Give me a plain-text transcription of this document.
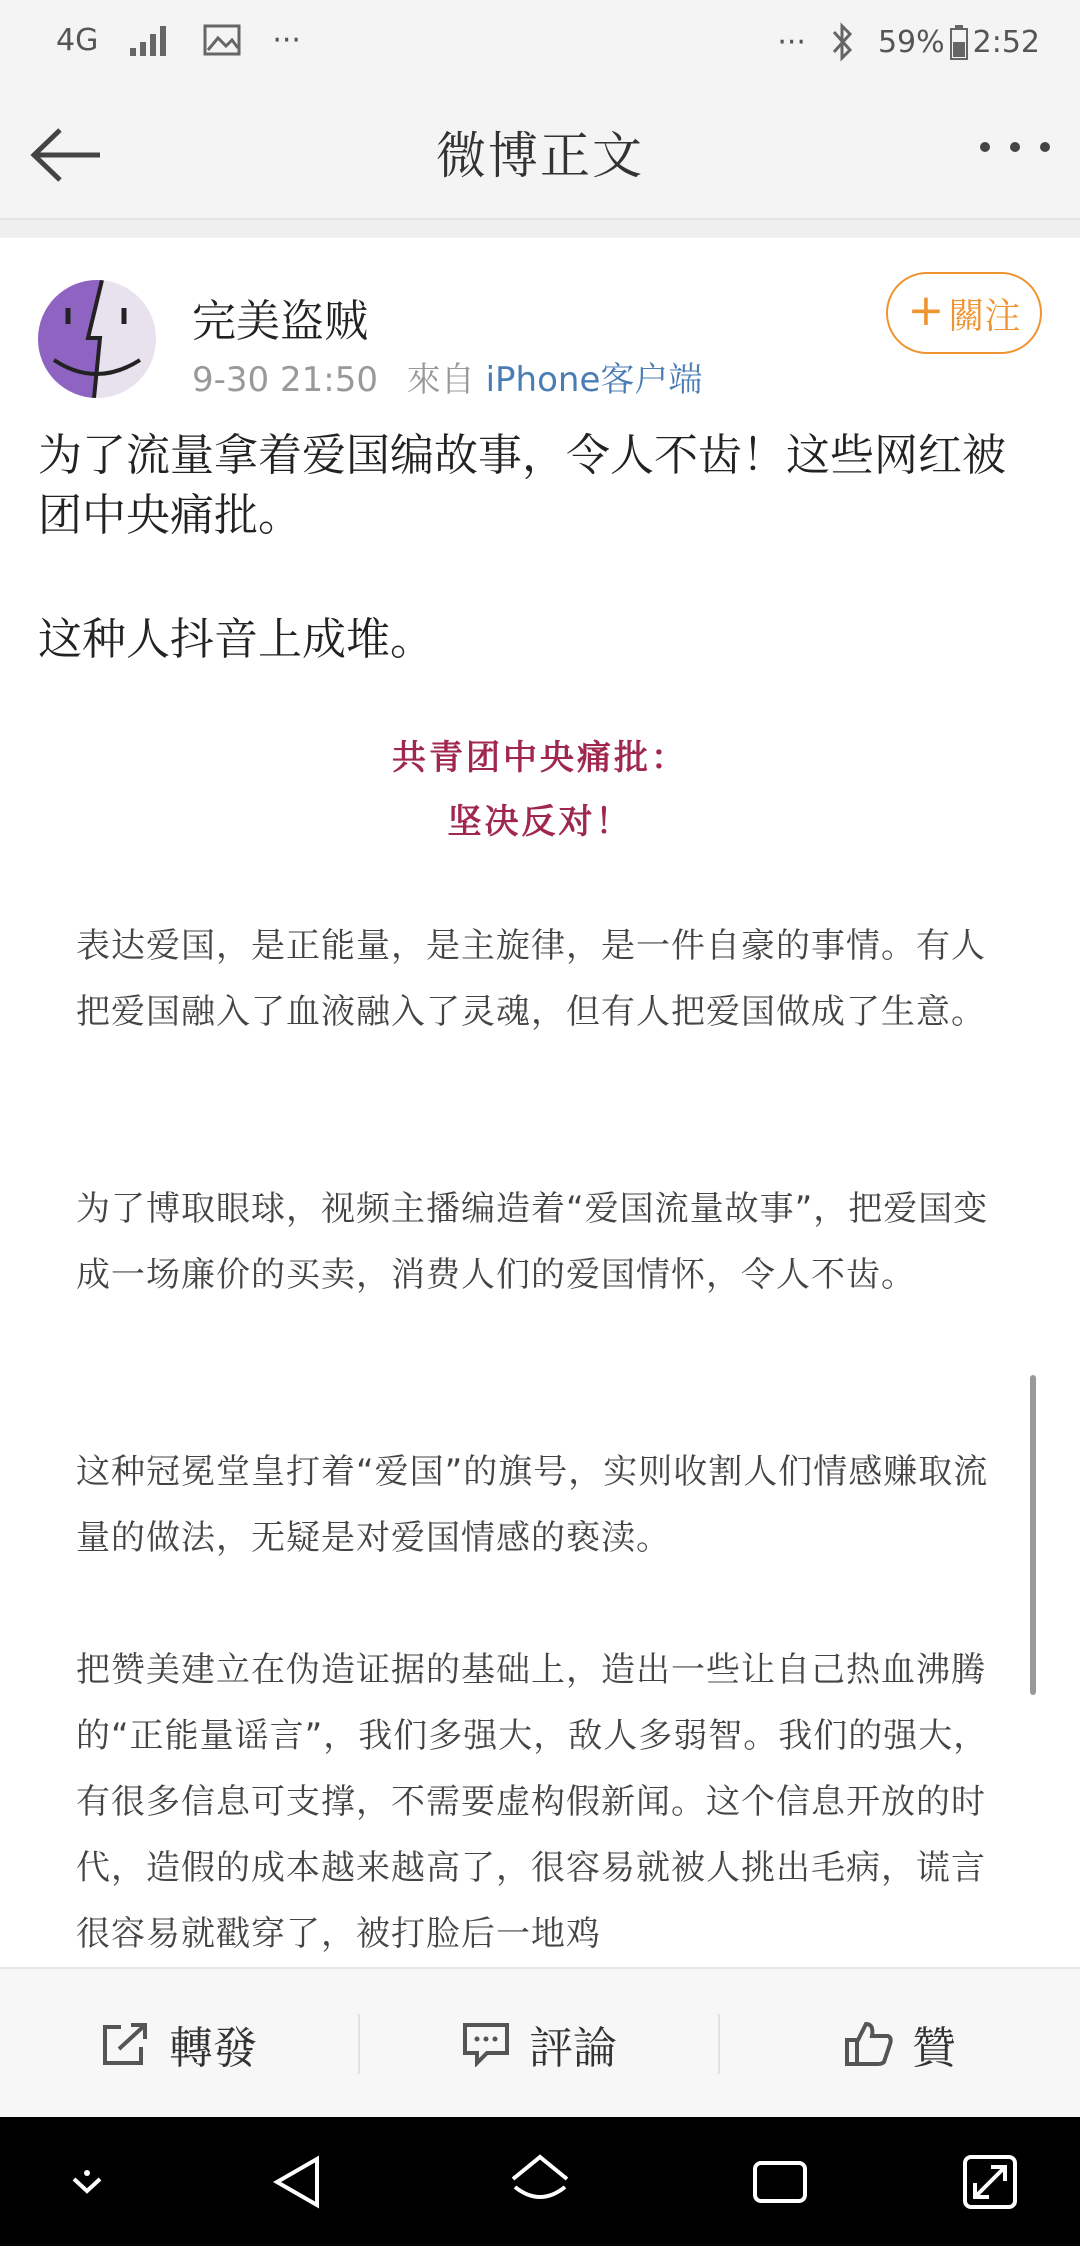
4G	···	··· 59% 2:52
微博正文
完美盗贼
9-30 21:50 來自 iPhone客户端
+ 關注
为了流量拿着爱国编故事，令人不齿！这些网红被团中央痛批。
这种人抖音上成堆。
共青团中央痛批：
坚决反对！
表达爱国，是正能量，是主旋律，是一件自豪的事情。有人把爱国融入了血液融入了灵魂，但有人把爱国做成了生意。
为了博取眼球，视频主播编造着“爱国流量故事”，把爱国变成一场廉价的买卖，消费人们的爱国情怀，令人不齿。
这种冠冕堂皇打着“爱国”的旗号，实则收割人们情感赚取流量的做法，无疑是对爱国情感的亵渎。
把赞美建立在伪造证据的基础上，造出一些让自己热血沸腾的“正能量谣言”，我们多强大，敌人多弱智。我们的强大，有很多信息可支撑，不需要虚构假新闻。这个信息开放的时代，造假的成本越来越高了，很容易就被人挑出毛病，谎言很容易就戳穿了，被打脸后一地鸡
轉發	評論	贊
